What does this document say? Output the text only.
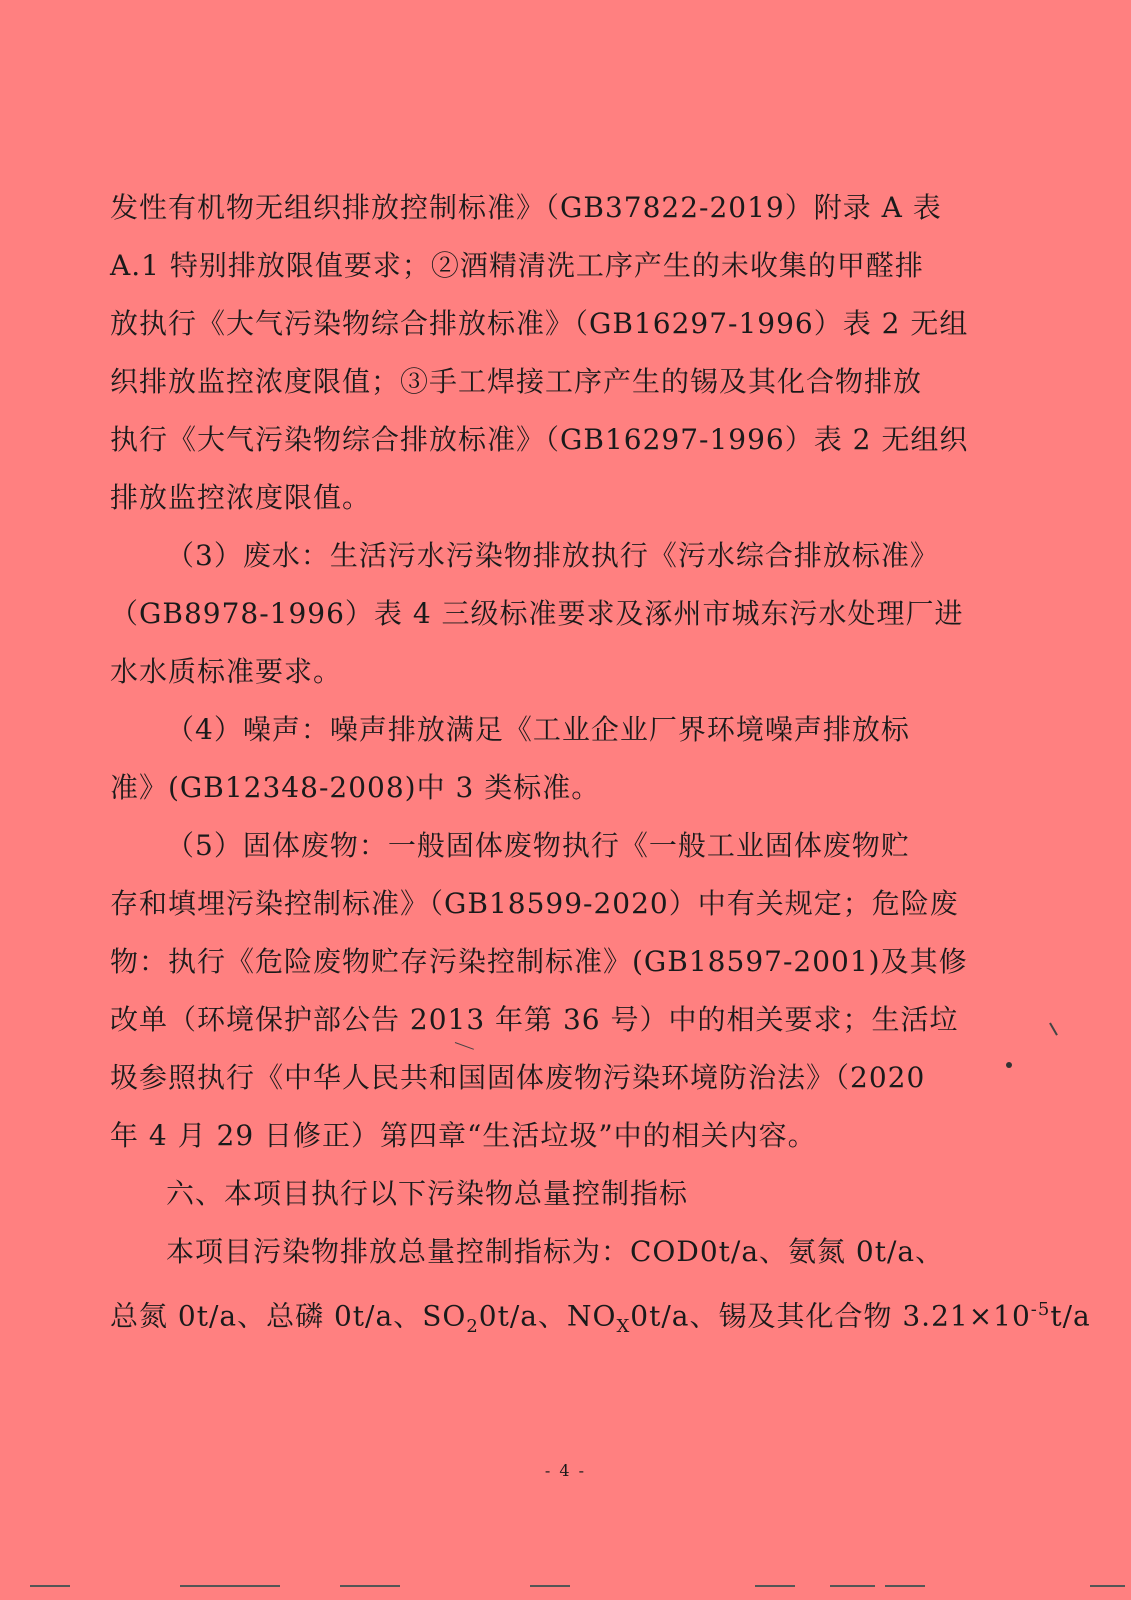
发性有机物无组织排放控制标准》（GB37822-2019）附录 A 表
A.1 特别排放限值要求；②酒精清洗工序产生的未收集的甲醛排
放执行《大气污染物综合排放标准》（GB16297-1996）表 2 无组
织排放监控浓度限值；③手工焊接工序产生的锡及其化合物排放
执行《大气污染物综合排放标准》（GB16297-1996）表 2 无组织
排放监控浓度限值。
（3）废水：生活污水污染物排放执行《污水综合排放标准》
（GB8978-1996）表 4 三级标准要求及涿州市城东污水处理厂进
水水质标准要求。
（4）噪声：噪声排放满足《工业企业厂界环境噪声排放标
准》(GB12348-2008)中 3 类标准。
（5）固体废物：一般固体废物执行《一般工业固体废物贮
存和填埋污染控制标准》（GB18599-2020）中有关规定；危险废
物：执行《危险废物贮存污染控制标准》(GB18597-2001)及其修
改单（环境保护部公告 2013 年第 36 号）中的相关要求；生活垃
圾参照执行《中华人民共和国固体废物污染环境防治法》（2020
年 4 月 29 日修正）第四章“生活垃圾”中的相关内容。
六、本项目执行以下污染物总量控制指标
本项目污染物排放总量控制指标为：COD0t/a、氨氮 0t/a、
总氮 0t/a、总磷 0t/a、$SO_20t/a$、$NO_X0t/a$、锡及其化合物 $3.21\times 10^{-5}t/a$
- 4 -
